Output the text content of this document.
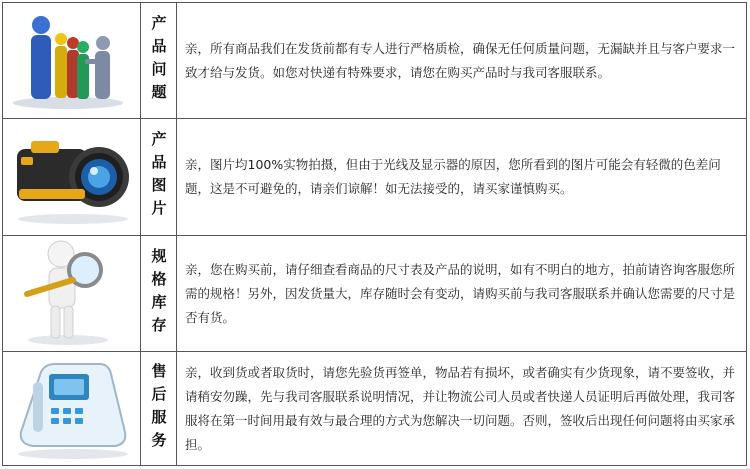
产品问题 亲，所有商品我们在发货前都有专人进行严格质检，确保无任何质量问题，无漏缺并且与客户要求一致才给与发货。如您对快递有特殊要求，请您在购买产品时与我司客服联系。

产品图片 亲，图片均100%实物拍摄，但由于光线及显示器的原因，您所看到的图片可能会有轻微的色差问题，这是不可避免的，请亲们谅解！如无法接受的，请买家谨慎购买。

规格库存 亲，您在购买前，请仔细查看商品的尺寸表及产品的说明，如有不明白的地方，拍前请咨询客服您所需的规格！另外，因发货量大，库存随时会有变动，请购买前与我司客服联系并确认您需要的尺寸是否有货。

售后服务 亲，收到货或者取货时，请您先验货再签单，物品若有损坏，或者确实有少货现象，请不要签收，并请稍安勿躁，先与我司客服联系说明情况，并让物流公司人员或者快递人员证明后再做处理，我司客服将在第一时间用最有效与最合理的方式为您解决一切问题。否则，签收后出现任何问题将由买家承担。
